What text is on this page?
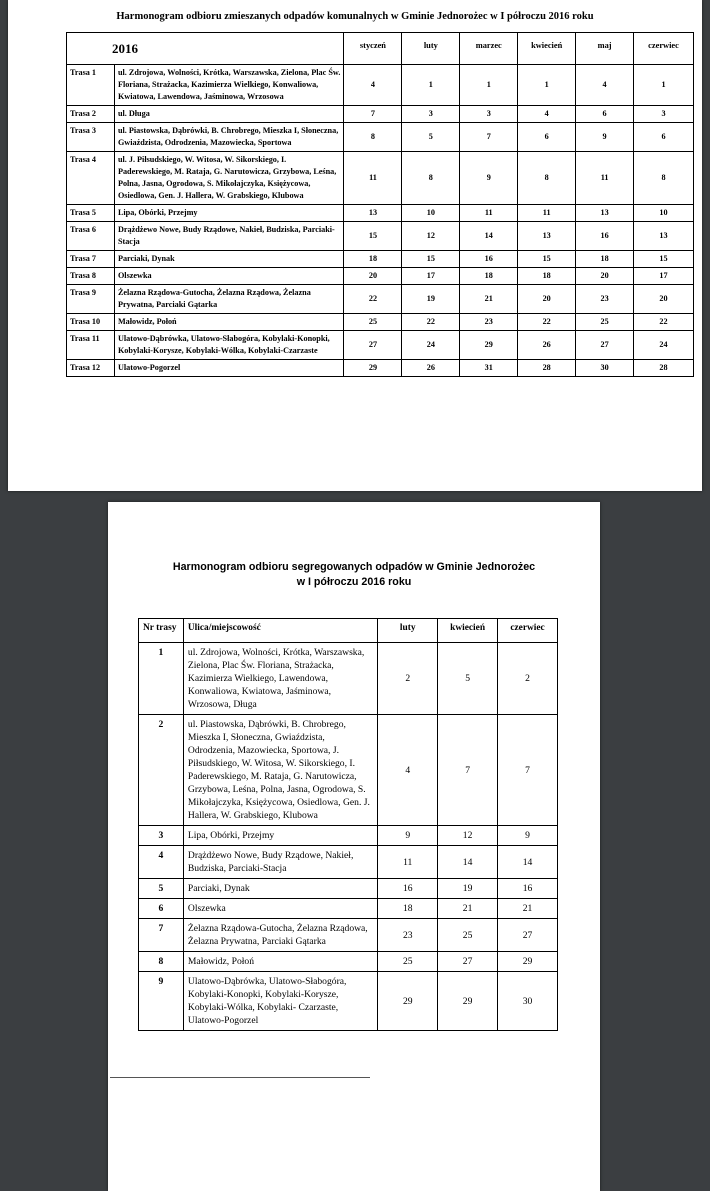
Harmonogram odbioru zmieszanych odpadów komunalnych w Gminie Jednorożec w I półroczu 2016 roku
2016		styczeń	luty	marzec	kwiecień	maj	czerwiec
Trasa 1	ul. Zdrojowa, Wolności, Krótka, Warszawska, Zielona, Plac Św. Floriana, Strażacka, Kazimierza Wielkiego, Konwaliowa, Kwiatowa, Lawendowa, Jaśminowa, Wrzosowa	4	1	1	1	4	1
Trasa 2	ul. Długa	7	3	3	4	6	3
Trasa 3	ul. Piastowska, Dąbrówki, B. Chrobrego, Mieszka I, Słoneczna, Gwiaździsta, Odrodzenia, Mazowiecka, Sportowa	8	5	7	6	9	6
Trasa 4	ul. J. Piłsudskiego, W. Witosa, W. Sikorskiego, I. Paderewskiego, M. Rataja, G. Narutowicza, Grzybowa, Leśna, Polna, Jasna, Ogrodowa, S. Mikołajczyka, Księżycowa, Osiedlowa, Gen. J. Hallera, W. Grabskiego, Klubowa	11	8	9	8	11	8
Trasa 5	Lipa, Obórki, Przejmy	13	10	11	11	13	10
Trasa 6	Drążdżewo Nowe, Budy Rządowe, Nakieł, Budziska, Parciaki-Stacja	15	12	14	13	16	13
Trasa 7	Parciaki, Dynak	18	15	16	15	18	15
Trasa 8	Olszewka	20	17	18	18	20	17
Trasa 9	Żelazna Rządowa-Gutocha, Żelazna Rządowa, Żelazna Prywatna, Parciaki Gątarka	22	19	21	20	23	20
Trasa 10	Małowidz, Połoń	25	22	23	22	25	22
Trasa 11	Ulatowo-Dąbrówka, Ulatowo-Słabogóra, Kobylaki-Konopki, Kobylaki-Korysze, Kobylaki-Wólka, Kobylaki-Czarzaste	27	24	29	26	27	24
Trasa 12	Ulatowo-Pogorzel	29	26	31	28	30	28
Harmonogram odbioru segregowanych odpadów w Gminie Jednorożec
w I półroczu 2016 roku
Nr trasy	Ulica/miejscowość	luty	kwiecień	czerwiec
1	ul. Zdrojowa, Wolności, Krótka, Warszawska, Zielona, Plac Św. Floriana, Strażacka, Kazimierza Wielkiego, Lawendowa, Konwaliowa, Kwiatowa, Jaśminowa, Wrzosowa, Długa	2	5	2
2	ul. Piastowska, Dąbrówki, B. Chrobrego, Mieszka I, Słoneczna, Gwiaździsta, Odrodzenia, Mazowiecka, Sportowa, J. Piłsudskiego, W. Witosa, W. Sikorskiego, I. Paderewskiego, M. Rataja, G. Narutowicza, Grzybowa, Leśna, Polna, Jasna, Ogrodowa, S. Mikołajczyka, Księżycowa, Osiedlowa, Gen. J. Hallera, W. Grabskiego, Klubowa	4	7	7
3	Lipa, Obórki, Przejmy	9	12	9
4	Drążdżewo Nowe, Budy Rządowe, Nakieł, Budziska, Parciaki-Stacja	11	14	14
5	Parciaki, Dynak	16	19	16
6	Olszewka	18	21	21
7	Żelazna Rządowa-Gutocha, Żelazna Rządowa, Żelazna Prywatna, Parciaki Gątarka	23	25	27
8	Małowidz, Połoń	25	27	29
9	Ulatowo-Dąbrówka, Ulatowo-Słabogóra, Kobylaki-Konopki, Kobylaki-Korysze, Kobylaki-Wólka, Kobylaki- Czarzaste, Ulatowo-Pogorzel	29	29	30
